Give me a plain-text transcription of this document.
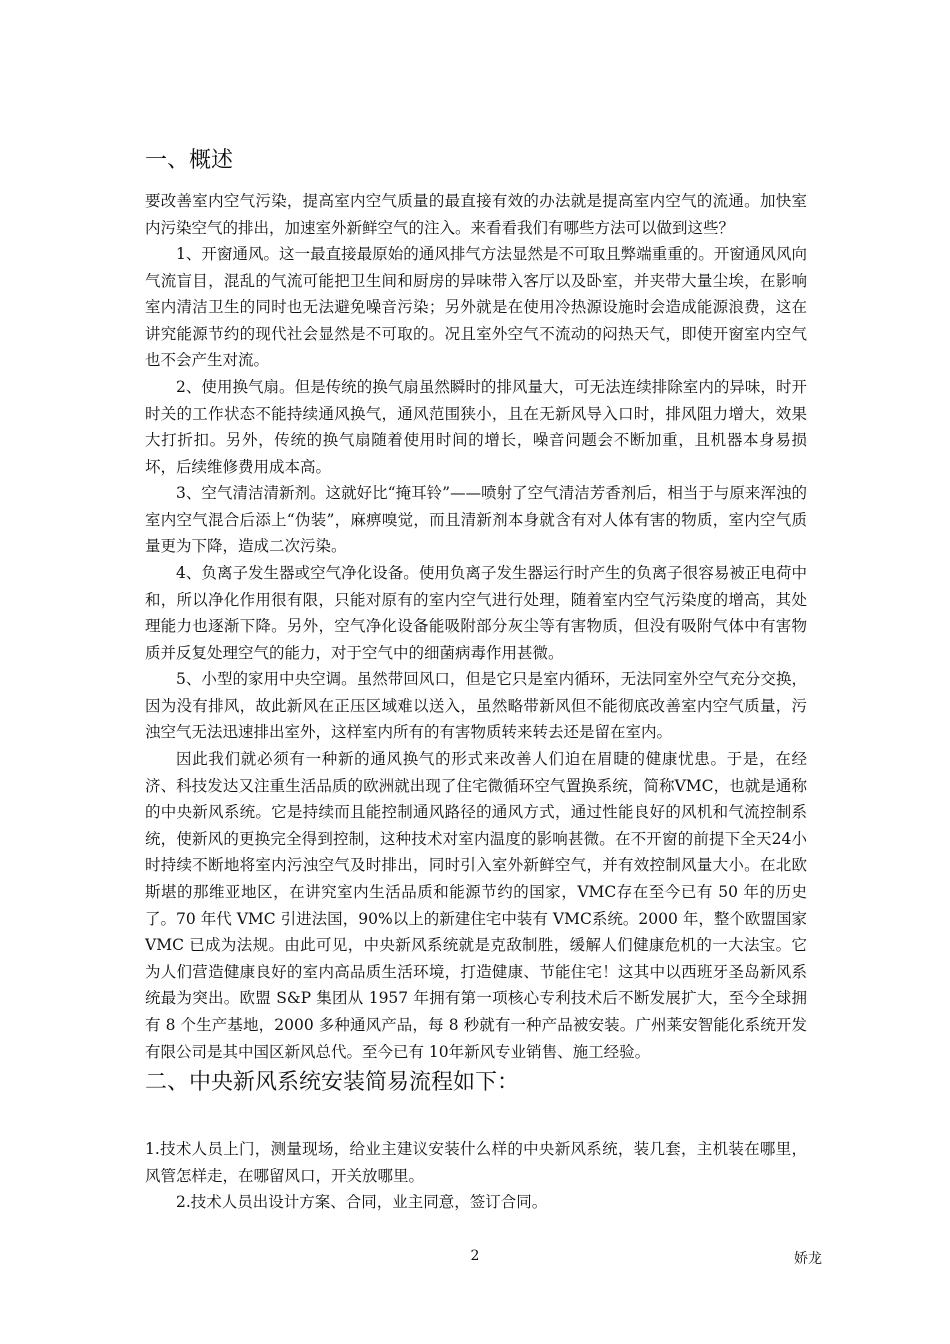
一、概述

要改善室内空气污染，提高室内空气质量的最直接有效的办法就是提高室内空气的流通。加快室内污染空气的排出，加速室外新鲜空气的注入。来看看我们有哪些方法可以做到这些？

1、开窗通风。这一最直接最原始的通风排气方法显然是不可取且弊端重重的。开窗通风风向气流盲目，混乱的气流可能把卫生间和厨房的异味带入客厅以及卧室，并夹带大量尘埃，在影响室内清洁卫生的同时也无法避免噪音污染；另外就是在使用冷热源设施时会造成能源浪费，这在讲究能源节约的现代社会显然是不可取的。况且室外空气不流动的闷热天气，即使开窗室内空气也不会产生对流。

2、使用换气扇。但是传统的换气扇虽然瞬时的排风量大，可无法连续排除室内的异味，时开时关的工作状态不能持续通风换气，通风范围狭小，且在无新风导入口时，排风阻力增大，效果大打折扣。另外，传统的换气扇随着使用时间的增长，噪音问题会不断加重，且机器本身易损坏，后续维修费用成本高。

3、空气清洁清新剂。这就好比“掩耳铃”——喷射了空气清洁芳香剂后，相当于与原来浑浊的室内空气混合后添上“伪装”，麻痹嗅觉，而且清新剂本身就含有对人体有害的物质，室内空气质量更为下降，造成二次污染。

4、负离子发生器或空气净化设备。使用负离子发生器运行时产生的负离子很容易被正电荷中和，所以净化作用很有限，只能对原有的室内空气进行处理，随着室内空气污染度的增高，其处理能力也逐渐下降。另外，空气净化设备能吸附部分灰尘等有害物质，但没有吸附气体中有害物质并反复处理空气的能力，对于空气中的细菌病毒作用甚微。

5、小型的家用中央空调。虽然带回风口，但是它只是室内循环，无法同室外空气充分交换，因为没有排风，故此新风在正压区域难以送入，虽然略带新风但不能彻底改善室内空气质量，污浊空气无法迅速排出室外，这样室内所有的有害物质转来转去还是留在室内。

因此我们就必须有一种新的通风换气的形式来改善人们迫在眉睫的健康忧患。于是，在经济、科技发达又注重生活品质的欧洲就出现了住宅微循环空气置换系统，简称VMC，也就是通称的中央新风系统。它是持续而且能控制通风路径的通风方式，通过性能良好的风机和气流控制系统，使新风的更换完全得到控制，这种技术对室内温度的影响甚微。在不开窗的前提下全天24小时持续不断地将室内污浊空气及时排出，同时引入室外新鲜空气，并有效控制风量大小。在北欧斯堪的那维亚地区，在讲究室内生活品质和能源节约的国家，VMC存在至今已有 50 年的历史了。70 年代 VMC 引进法国，90%以上的新建住宅中装有 VMC系统。2000 年，整个欧盟国家 VMC 已成为法规。由此可见，中央新风系统就是克敌制胜，缓解人们健康危机的一大法宝。它为人们营造健康良好的室内高品质生活环境，打造健康、节能住宅！这其中以西班牙圣岛新风系统最为突出。欧盟 S&P 集团从 1957 年拥有第一项核心专利技术后不断发展扩大，至今全球拥有 8 个生产基地，2000 多种通风产品，每 8 秒就有一种产品被安装。广州莱安智能化系统开发有限公司是其中国区新风总代。至今已有 10年新风专业销售、施工经验。

二、中央新风系统安装简易流程如下：

1.技术人员上门，测量现场，给业主建议安装什么样的中央新风系统，装几套，主机装在哪里，风管怎样走，在哪留风口，开关放哪里。

2.技术人员出设计方案、合同，业主同意，签订合同。

2	娇龙
